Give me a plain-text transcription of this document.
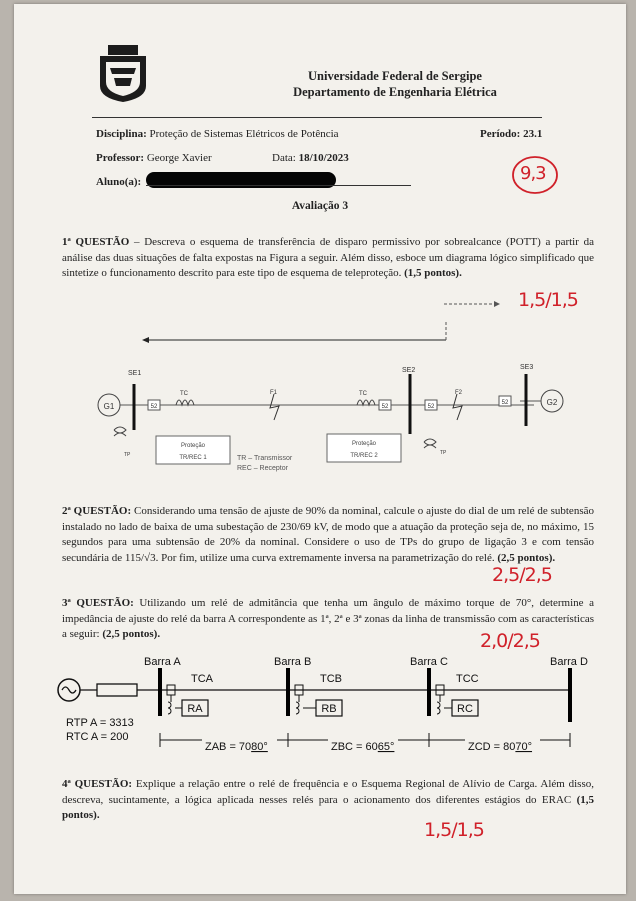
Universidade Federal de Sergipe
Departamento de Engenharia Elétrica
Disciplina: Proteção de Sistemas Elétricos de Potência	Período: 23.1
Professor: George Xavier	Data: 18/10/2023
Aluno(a):	9,3
Avaliação 3
1ª QUESTÃO – Descreva o esquema de transferência de disparo permissivo por sobrealcance (POTT) a partir da análise das duas situações de falta expostas na Figura a seguir. Além disso, esboce um diagrama lógico simplificado que sintetize o funcionamento descrito para este tipo de esquema de teleproteção. (1,5 pontos).
1,5/1,5
G1	G2
SE1	SE2	SE3
52	52	52
52
TC	TC
F1	F2
TP	TP
Proteção
TR/REC 1
Proteção
TR/REC 2
TR – Transmissor
REC – Receptor
2ª QUESTÃO: Considerando uma tensão de ajuste de 90% da nominal, calcule o ajuste do dial de um relé de subtensão instalado no lado de baixa de uma subestação de 230/69 kV, de modo que a atuação da proteção seja de, no máximo, 15 segundos para uma subtensão de 20% da nominal. Considere o uso de TPs do grupo de ligação 3 e com tensão secundária de 115/√3. Por fim, utilize uma curva extremamente inversa na parametrização do relé. (2,5 pontos).
2,5/2,5
3ª QUESTÃO: Utilizando um relé de admitância que tenha um ângulo de máximo torque de 70°, determine a impedância de ajuste do relé da barra A correspondente as 1ª, 2ª e 3ª zonas da linha de transmissão com as características a seguir: (2,5 pontos).	2,0/2,5
Barra A	Barra B	Barra C	Barra D
TCA
RA
TCB
RB
TCC
RC
RTP A = 3313
RTC A = 200
ZAB = 7080°	ZBC = 6065°	ZCD = 8070°
4ª QUESTÃO: Explique a relação entre o relé de frequência e o Esquema Regional de Alívio de Carga. Além disso, descreva, sucintamente, a lógica aplicada nesses relés para o acionamento dos diferentes estágios do ERAC (1,5 pontos).
1,5/1,5
